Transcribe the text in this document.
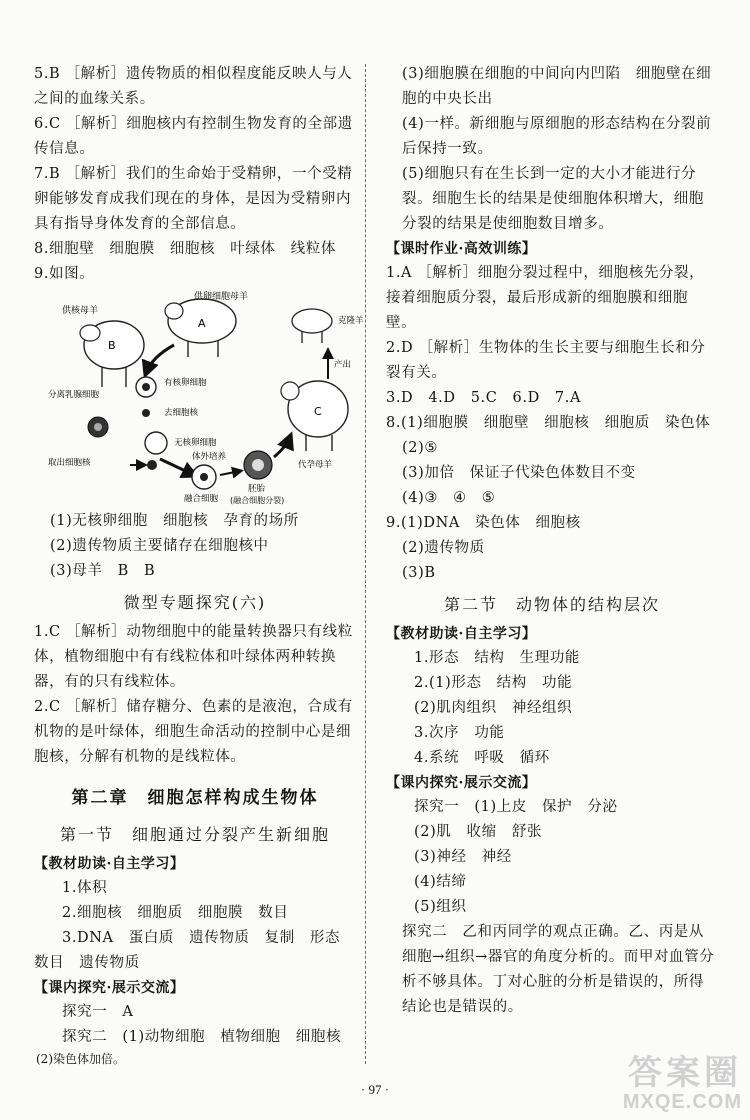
5.B ［解析］遗传物质的相似程度能反映人与人之间的血缘关系。
6.C ［解析］细胞核内有控制生物发育的全部遗传信息。
7.B ［解析］我们的生命始于受精卵，一个受精卵能够发育成我们现在的身体，是因为受精卵内具有指导身体发育的全部信息。
8.细胞壁　细胞膜　细胞核　叶绿体　线粒体
9.如图。
供核母羊
B
分离乳腺细胞
取出细胞核
供卵细胞母羊
A
有核卵细胞
去细胞核
无核卵细胞
融合细胞
体外培养
胚胎
(融合细胞分裂)
C
代孕母羊
克隆羊
产出
(1)无核卵细胞　细胞核　孕育的场所
(2)遗传物质主要储存在细胞核中
(3)母羊　B　B
微型专题探究(六)
1.C ［解析］动物细胞中的能量转换器只有线粒体，植物细胞中有有线粒体和叶绿体两种转换器，有的只有线粒体。
2.C ［解析］储存糖分、色素的是液泡，合成有机物的是叶绿体，细胞生命活动的控制中心是细胞核，分解有机物的是线粒体。
第二章　细胞怎样构成生物体
第一节　细胞通过分裂产生新细胞
【教材助读·自主学习】
1.体积
2.细胞核　细胞质　细胞膜　数目
3.DNA　蛋白质　遗传物质　复制　形态
数目　遗传物质
【课内探究·展示交流】
探究一　A
探究二　(1)动物细胞　植物细胞　细胞核
(2)染色体加倍。
(3)细胞膜在细胞的中间向内凹陷　细胞壁在细胞的中央长出
(4)一样。新细胞与原细胞的形态结构在分裂前后保持一致。
(5)细胞只有在生长到一定的大小才能进行分裂。细胞生长的结果是使细胞体积增大，细胞分裂的结果是使细胞数目增多。
【课时作业·高效训练】
1.A ［解析］细胞分裂过程中，细胞核先分裂，接着细胞质分裂，最后形成新的细胞膜和细胞壁。
2.D ［解析］生物体的生长主要与细胞生长和分裂有关。
3.D　4.D　5.C　6.D　7.A
8.(1)细胞膜　细胞壁　细胞核　细胞质　染色体
(2)⑤
(3)加倍　保证子代染色体数目不变
(4)③　④　⑤
9.(1)DNA　染色体　细胞核
(2)遗传物质
(3)B
第二节　动物体的结构层次
【教材助读·自主学习】
1.形态　结构　生理功能
2.(1)形态　结构　功能
(2)肌肉组织　神经组织
3.次序　功能
4.系统　呼吸　循环
【课内探究·展示交流】
探究一　(1)上皮　保护　分泌
(2)肌　收缩　舒张
(3)神经　神经
(4)结缔
(5)组织
探究二　乙和丙同学的观点正确。乙、丙是从细胞→组织→器官的角度分析的。而甲对血管分析不够具体。丁对心脏的分析是错误的，所得结论也是错误的。
· 97 ·	答案圈
MXQE.COM
